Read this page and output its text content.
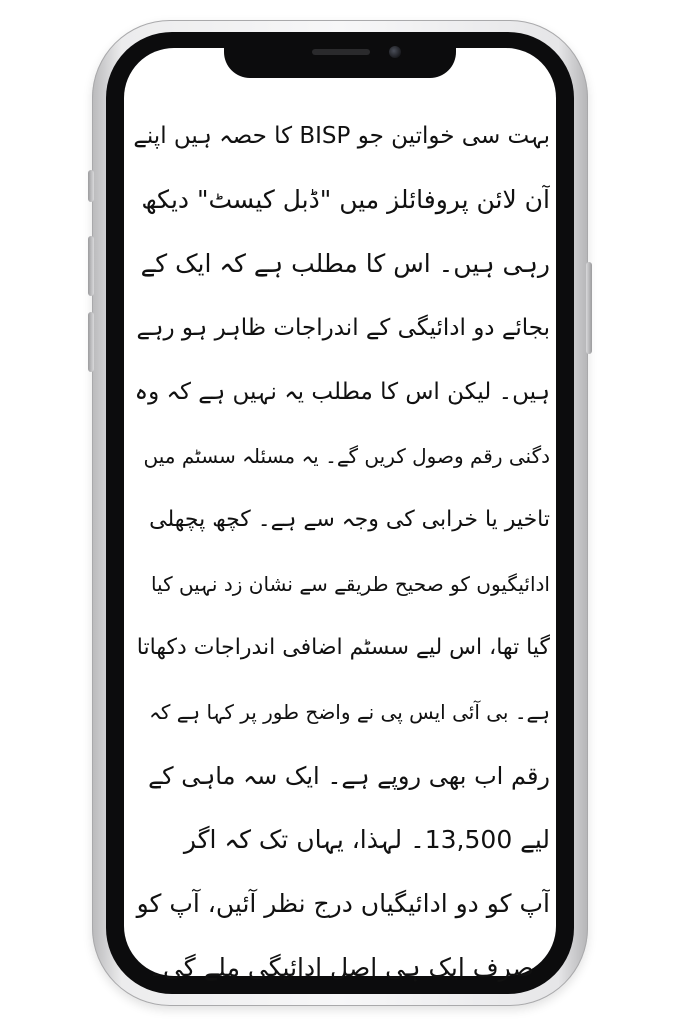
بہت سی خواتین جو BISP کا حصہ ہیں اپنے
آن لائن پروفائلز میں "ڈبل کیسٹ" دیکھ
رہی ہیں۔ اس کا مطلب ہے کہ ایک کے
بجائے دو ادائیگی کے اندراجات ظاہر ہو رہے
ہیں۔ لیکن اس کا مطلب یہ نہیں ہے کہ وہ
دگنی رقم وصول کریں گے۔ یہ مسئلہ سسٹم میں
تاخیر یا خرابی کی وجہ سے ہے۔ کچھ پچھلی
ادائیگیوں کو صحیح طریقے سے نشان زد نہیں کیا
گیا تھا، اس لیے سسٹم اضافی اندراجات دکھاتا
ہے۔ بی آئی ایس پی نے واضح طور پر کہا ہے کہ
رقم اب بھی روپے ہے۔ ایک سہ ماہی کے
لیے 13,500۔ لہذا، یہاں تک کہ اگر
آپ کو دو ادائیگیاں درج نظر آئیں، آپ کو
صرف ایک ہی اصل ادائیگی ملے گی۔
